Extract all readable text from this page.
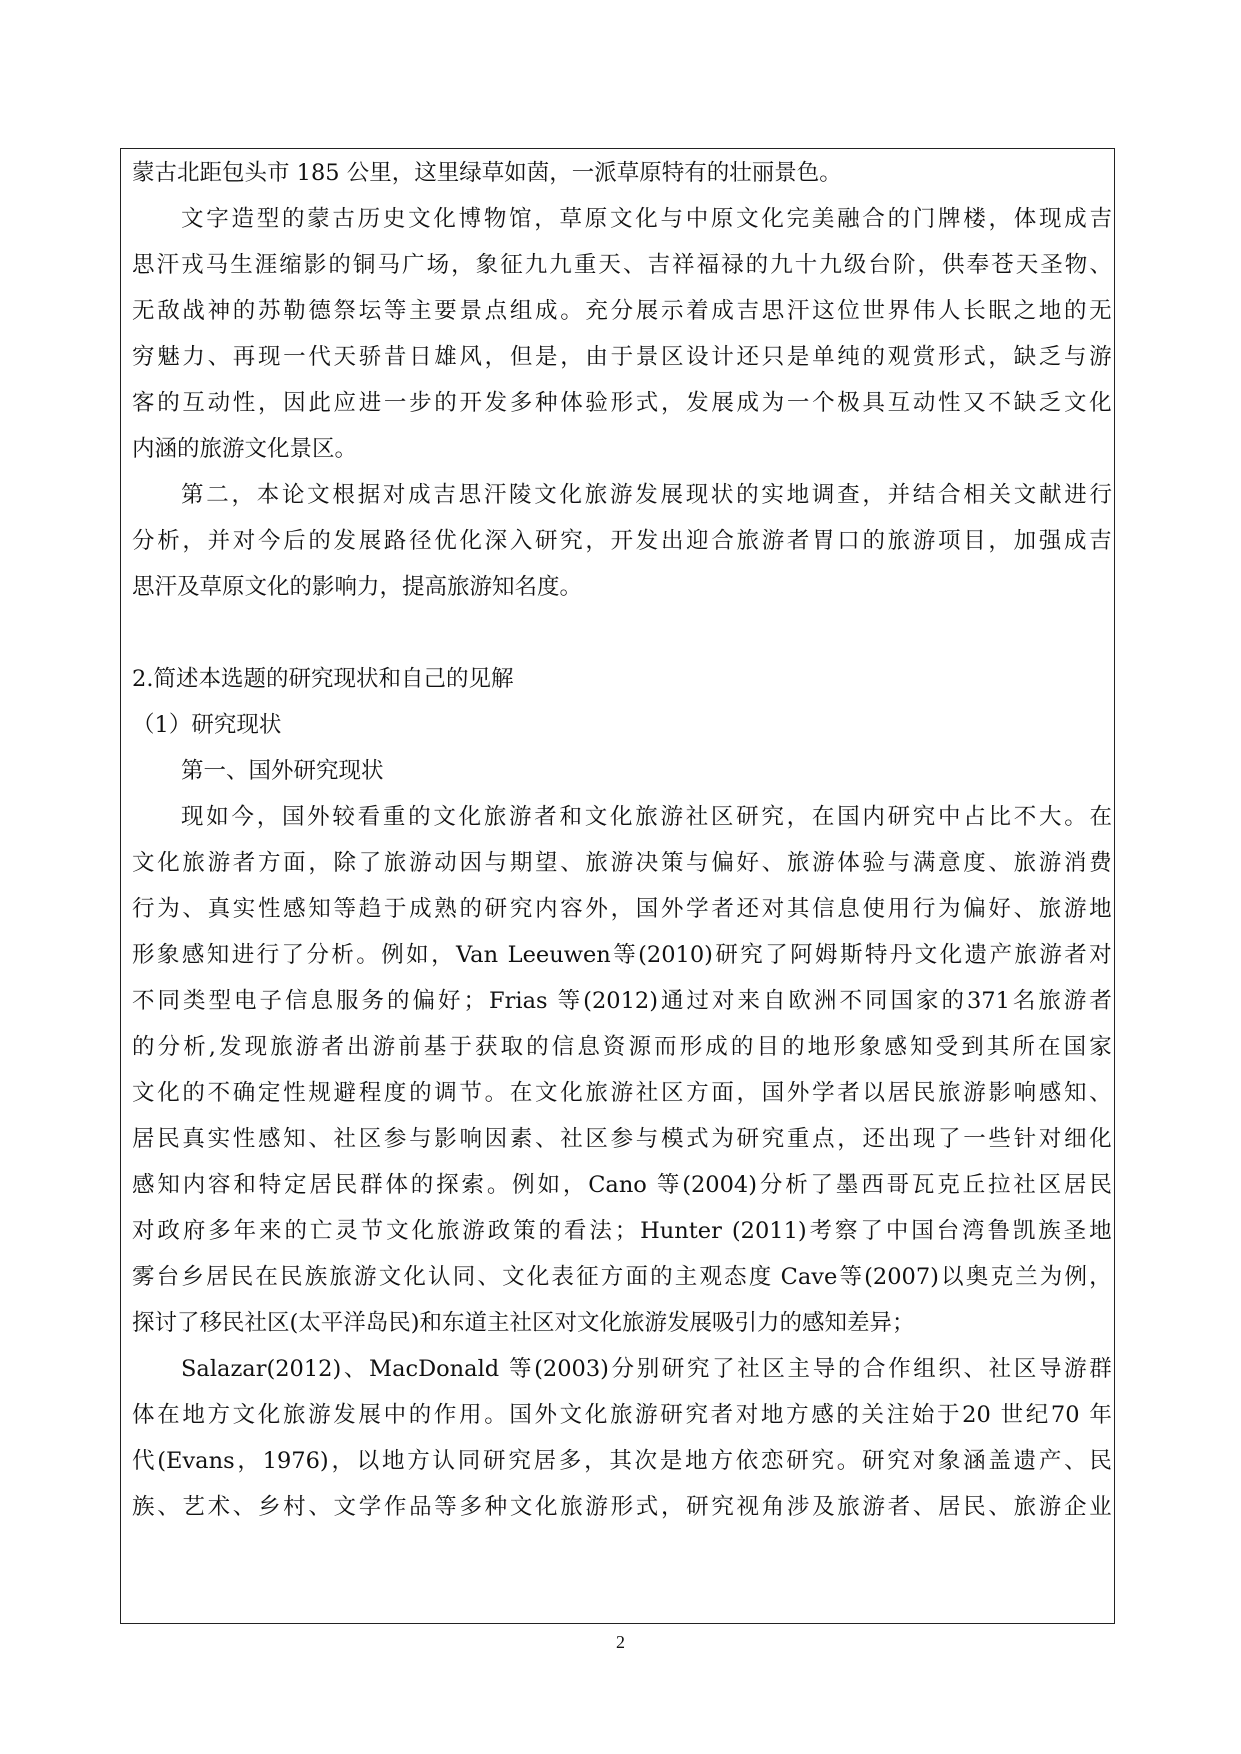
蒙古北距包头市 185 公里，这里绿草如茵，一派草原特有的壮丽景色。
文 字 造 型 的 蒙 古 历 史 文 化 博 物 馆 ， 草 原 文 化 与 中 原 文 化 完 美 融 合 的 门 牌 楼 ， 体 现 成 吉
思 汗 戎 马 生 涯 缩 影 的 铜 马 广 场 ， 象 征 九 九 重 天 、 吉 祥 福 禄 的 九 十 九 级 台 阶 ， 供 奉 苍 天 圣 物 、
无 敌 战 神 的 苏 勒 德 祭 坛 等 主 要 景 点 组 成 。 充 分 展 示 着 成 吉 思 汗 这 位 世 界 伟 人 长 眠 之 地 的 无
穷 魅 力 、 再 现 一 代 天 骄 昔 日 雄 风 ， 但 是 ， 由 于 景 区 设 计 还 只 是 单 纯 的 观 赏 形 式 ， 缺 乏 与 游
客 的 互 动 性 ， 因 此 应 进 一 步 的 开 发 多 种 体 验 形 式 ， 发 展 成 为 一 个 极 具 互 动 性 又 不 缺 乏 文 化
内涵的旅游文化景区。
第 二 ， 本 论 文 根 据 对 成 吉 思 汗 陵 文 化 旅 游 发 展 现 状 的 实 地 调 查 ， 并 结 合 相 关 文 献 进 行
分 析 ， 并 对 今 后 的 发 展 路 径 优 化 深 入 研 究 ， 开 发 出 迎 合 旅 游 者 胃 口 的 旅 游 项 目 ， 加 强 成 吉
思汗及草原文化的影响力，提高旅游知名度。
2.简述本选题的研究现状和自己的见解
（1）研究现状
第一、国外研究现状
现 如 今 ， 国 外 较 看 重 的 文 化 旅 游 者 和 文 化 旅 游 社 区 研 究 ， 在 国 内 研 究 中 占 比 不 大 。 在
文 化 旅 游 者 方 面 ， 除 了 旅 游 动 因 与 期 望 、 旅 游 决 策 与 偏 好 、 旅 游 体 验 与 满 意 度 、 旅 游 消 费
行 为 、 真 实 性 感 知 等 趋 于 成 熟 的 研 究 内 容 外 ， 国 外 学 者 还 对 其 信 息 使 用 行 为 偏 好 、 旅 游 地
形 象 感 知 进 行 了 分 析 。 例 如 ， Van Leeuwen 等 (2010) 研 究 了 阿 姆 斯 特 丹 文 化 遗 产 旅 游 者 对
不 同 类 型 电 子 信 息 服 务 的 偏 好 ； Frias 等 (2012) 通 过 对 来 自 欧 洲 不 同 国 家 的 371 名 旅 游 者
的 分 析 , 发 现 旅 游 者 出 游 前 基 于 获 取 的 信 息 资 源 而 形 成 的 目 的 地 形 象 感 知 受 到 其 所 在 国 家
文 化 的 不 确 定 性 规 避 程 度 的 调 节 。 在 文 化 旅 游 社 区 方 面 ， 国 外 学 者 以 居 民 旅 游 影 响 感 知 、
居 民 真 实 性 感 知 、 社 区 参 与 影 响 因 素 、 社 区 参 与 模 式 为 研 究 重 点 ， 还 出 现 了 一 些 针 对 细 化
感 知 内 容 和 特 定 居 民 群 体 的 探 索 。 例 如 ， Cano 等 (2004) 分 析 了 墨 西 哥 瓦 克 丘 拉 社 区 居 民
对 政 府 多 年 来 的 亡 灵 节 文 化 旅 游 政 策 的 看 法 ； Hunter (2011) 考 察 了 中 国 台 湾 鲁 凯 族 圣 地
雾 台 乡 居 民 在 民 族 旅 游 文 化 认 同 、 文 化 表 征 方 面 的 主 观 态 度 Cave 等 (2007) 以 奥 克 兰 为 例 ，
探讨了移民社区(太平洋岛民)和东道主社区对文化旅游发展吸引力的感知差异；
Salazar(2012) 、 MacDonald 等 (2003) 分 别 研 究 了 社 区 主 导 的 合 作 组 织 、 社 区 导 游 群
体 在 地 方 文 化 旅 游 发 展 中 的 作 用 。 国 外 文 化 旅 游 研 究 者 对 地 方 感 的 关 注 始 于 20 世 纪 70 年
代 (Evans ， 1976) ， 以 地 方 认 同 研 究 居 多 ， 其 次 是 地 方 依 恋 研 究 。 研 究 对 象 涵 盖 遗 产 、 民
族 、 艺 术 、 乡 村 、 文 学 作 品 等 多 种 文 化 旅 游 形 式 ， 研 究 视 角 涉 及 旅 游 者 、 居 民 、 旅 游 企 业
2
